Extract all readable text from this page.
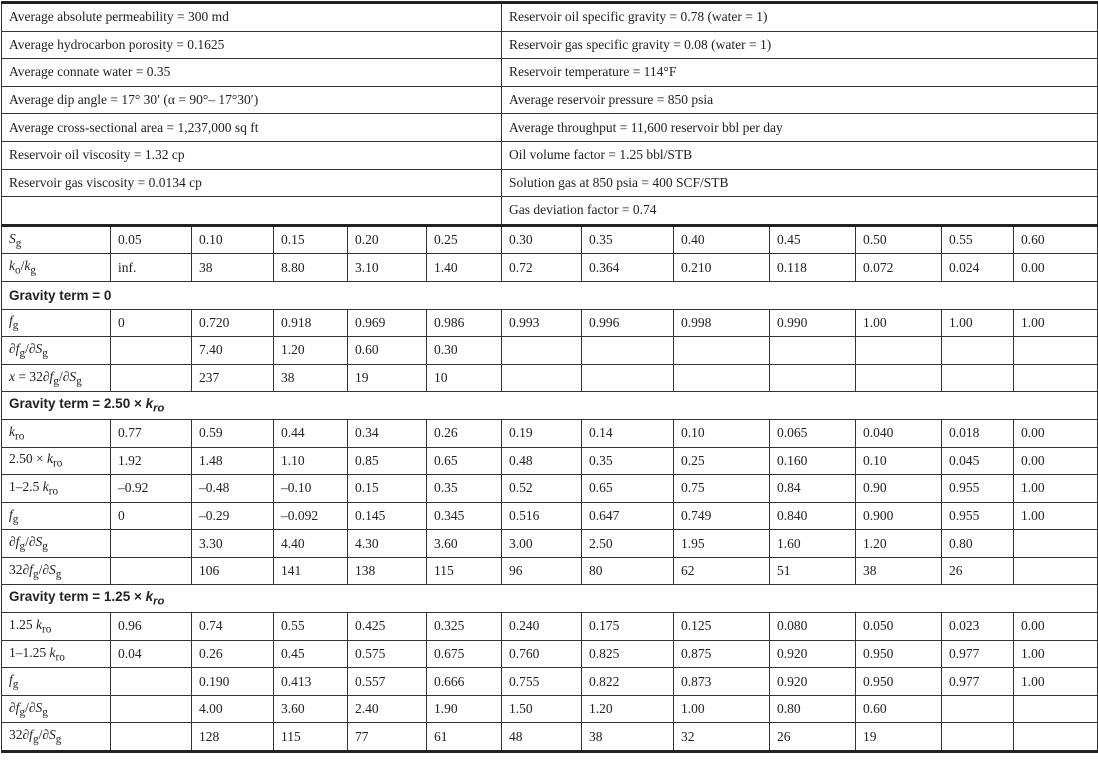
Average absolute permeability = 300 md						Reservoir oil specific gravity = 0.78 (water = 1)						
Average hydrocarbon porosity = 0.1625						Reservoir gas specific gravity = 0.08 (water = 1)						
Average connate water = 0.35						Reservoir temperature = 114°F						
Average dip angle = 17° 30′ (α = 90°– 17°30′)						Average reservoir pressure = 850 psia						
Average cross-sectional area = 1,237,000 sq ft						Average throughput = 11,600 reservoir bbl per day						
Reservoir oil viscosity = 1.32 cp						Oil volume factor = 1.25 bbl/STB						
Reservoir gas viscosity = 0.0134 cp						Solution gas at 850 psia = 400 SCF/STB						
						Gas deviation factor = 0.74						
$S_g$	0.05	0.10	0.15	0.20	0.25	0.30	0.35	0.40	0.45	0.50	0.55	0.60
$k_o/k_g$	inf.	38	8.80	3.10	1.40	0.72	0.364	0.210	0.118	0.072	0.024	0.00
Gravity term = 0												
$f_g$	0	0.720	0.918	0.969	0.986	0.993	0.996	0.998	0.990	1.00	1.00	1.00
$\partial f_g/\partial S_g$		7.40	1.20	0.60	0.30							
$x = 32\partial f_g/\partial S_g$		237	38	19	10							
Gravity term = $2.50 \times k_{ro}$
$k_{ro}$	0.77	0.59	0.44	0.34	0.26	0.19	0.14	0.10	0.065	0.040	0.018	0.00
$2.50 \times k_{ro}$	1.92	1.48	1.10	0.85	0.65	0.48	0.35	0.25	0.160	0.10	0.045	0.00
1–2.5 $k_{ro}$	–0.92	–0.48	–0.10	0.15	0.35	0.52	0.65	0.75	0.84	0.90	0.955	1.00
$f_g$	0	–0.29	–0.092	0.145	0.345	0.516	0.647	0.749	0.840	0.900	0.955	1.00
$\partial f_g/\partial S_g$		3.30	4.40	4.30	3.60	3.00	2.50	1.95	1.60	1.20	0.80	
$32\partial f_g/\partial S_g$		106	141	138	115	96	80	62	51	38	26	
Gravity term = $1.25 \times k_{ro}$
1.25 $k_{ro}$	0.96	0.74	0.55	0.425	0.325	0.240	0.175	0.125	0.080	0.050	0.023	0.00
1–1.25 $k_{ro}$	0.04	0.26	0.45	0.575	0.675	0.760	0.825	0.875	0.920	0.950	0.977	1.00
$f_g$		0.190	0.413	0.557	0.666	0.755	0.822	0.873	0.920	0.950	0.977	1.00
$\partial f_g/\partial S_g$		4.00	3.60	2.40	1.90	1.50	1.20	1.00	0.80	0.60		
$32\partial f_g/\partial S_g$		128	115	77	61	48	38	32	26	19		
